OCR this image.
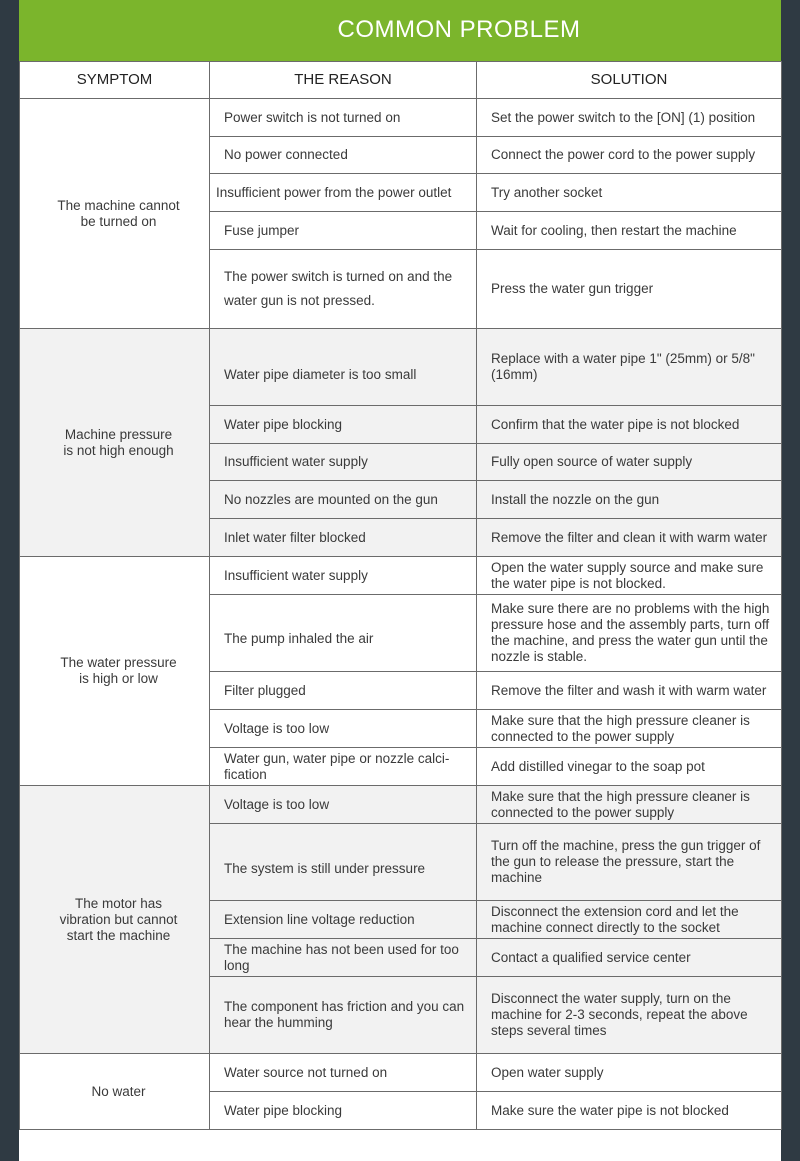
COMMON PROBLEM
SYMPTOM	THE REASON	SOLUTION

The machine cannot
be turned on	Power switch is not turned on	Set the power switch to the [ON] (1) position
	No power connected	Connect the power cord to the power supply
	Insufficient power from the power outlet	Try another socket
	Fuse jumper	Wait for cooling, then restart the machine
	The power switch is turned on and the water gun is not pressed.	Press the water gun trigger

Machine pressure
is not high enough	Water pipe diameter is too small	Replace with a water pipe 1" (25mm) or 5/8" (16mm)
	Water pipe blocking	Confirm that the water pipe is not blocked
	Insufficient water supply	Fully open source of water supply
	No nozzles are mounted on the gun	Install the nozzle on the gun
	Inlet water filter blocked	Remove the filter and clean it with warm water

The water pressure
is high or low	Insufficient water supply	Open the water supply source and make sure the water pipe is not blocked.
	The pump inhaled the air	Make sure there are no problems with the high pressure hose and the assembly parts, turn off the machine, and press the water gun until the nozzle is stable.
	Filter plugged	Remove the filter and wash it with warm water
	Voltage is too low	Make sure that the high pressure cleaner is connected to the power supply
	Water gun, water pipe or nozzle calci-fication	Add distilled vinegar to the soap pot

The motor has
vibration but cannot
start the machine	Voltage is too low	Make sure that the high pressure cleaner is connected to the power supply
	The system is still under pressure	Turn off the machine, press the gun trigger of the gun to release the pressure, start the machine
	Extension line voltage reduction	Disconnect the extension cord and let the machine connect directly to the socket
	The machine has not been used for too long	Contact a qualified service center
	The component has friction and you can hear the humming	Disconnect the water supply, turn on the machine for 2-3 seconds, repeat the above steps several times

No water	Water source not turned on	Open water supply
	Water pipe blocking	Make sure the water pipe is not blocked
